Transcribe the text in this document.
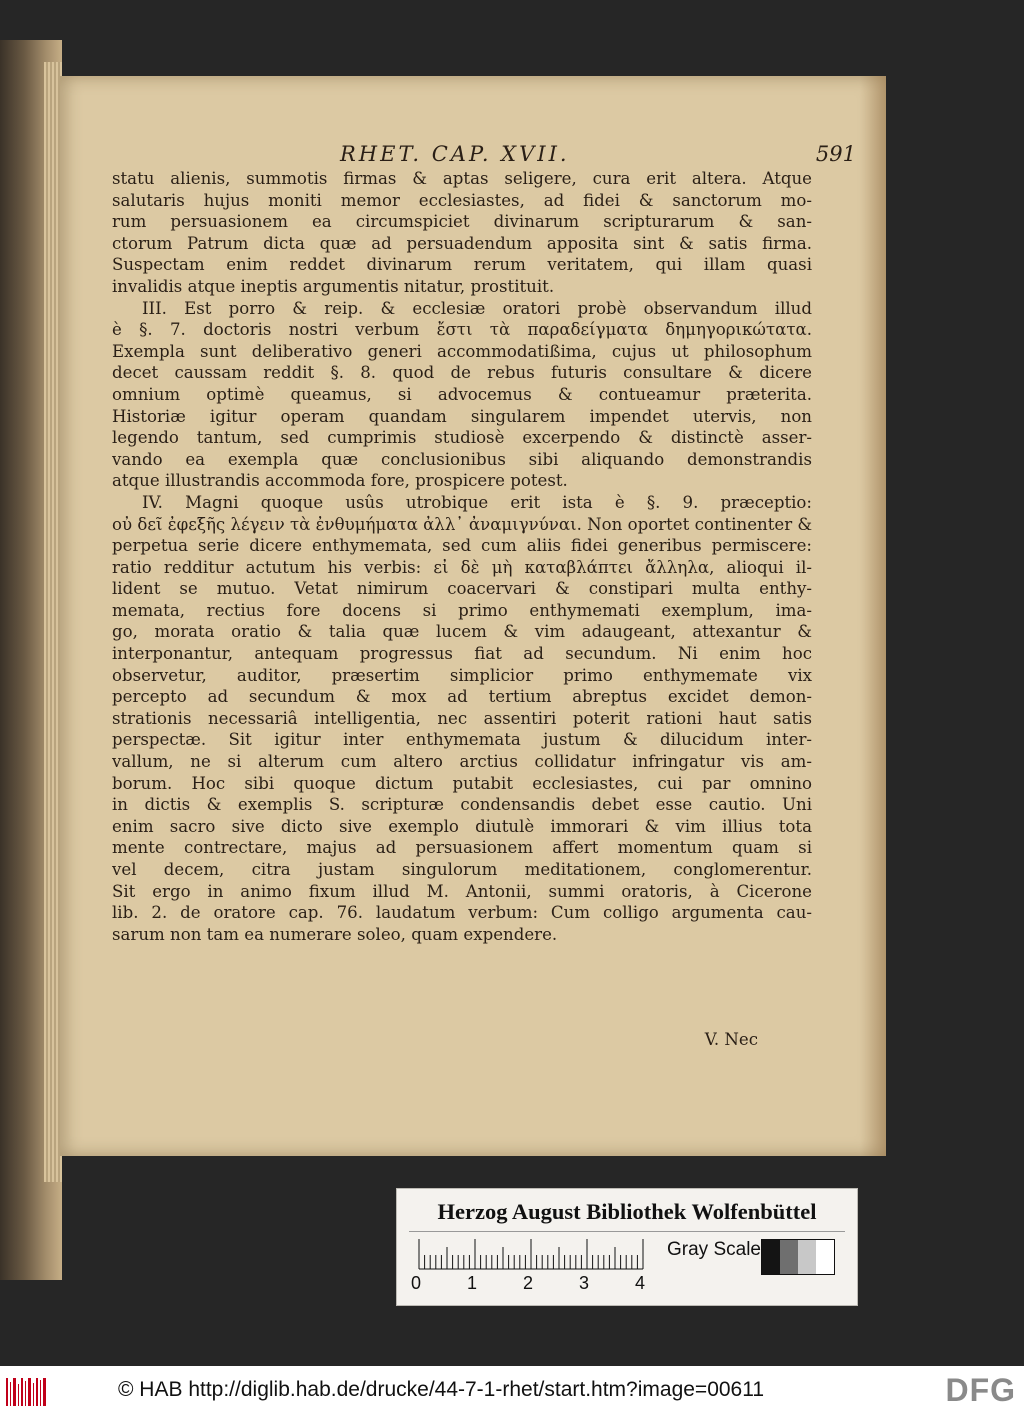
RHET. CAP. XVII.	591
statu alienis, summotis firmas & aptas seligere, cura erit altera. Atque
salutaris hujus moniti memor ecclesiastes, ad fidei & sanctorum mo-
rum persuasionem ea circumspiciet divinarum scripturarum & san-
ctorum Patrum dicta quæ ad persuadendum apposita sint & satis firma.
Suspectam enim reddet divinarum rerum veritatem, qui illam quasi
invalidis atque ineptis argumentis nitatur, prostituit.
III. Est porro & reip. & ecclesiæ oratori probè observandum illud
è §. 7. doctoris nostri verbum ἔστι τὰ παραδείγματα δημηγορικώτατα.
Exempla sunt deliberativo generi accommodatißima, cujus ut philosophum
decet caussam reddit §. 8. quod de rebus futuris consultare & dicere
omnium optimè queamus, si advocemus & contueamur præterita.
Historiæ igitur operam quandam singularem impendet utervis, non
legendo tantum, sed cumprimis studiosè excerpendo & distinctè asser-
vando ea exempla quæ conclusionibus sibi aliquando demonstrandis
atque illustrandis accommoda fore, prospicere potest.
IV. Magni quoque usûs utrobique erit ista è §. 9. præceptio:
οὐ δεῖ ἐφεξῆς λέγειν τὰ ἐνθυμήματα ἀλλ᾽ ἀναμιγνύναι. Non oportet continenter &
perpetua serie dicere enthymemata, sed cum aliis fidei generibus permiscere:
ratio redditur actutum his verbis: εἰ δὲ μὴ καταβλάπτει ἄλληλα, alioqui il-
lident se mutuo. Vetat nimirum coacervari & constipari multa enthy-
memata, rectius fore docens si primo enthymemati exemplum, ima-
go, morata oratio & talia quæ lucem & vim adaugeant, attexantur &
interponantur, antequam progressus fiat ad secundum. Ni enim hoc
observetur, auditor, præsertim simplicior primo enthymemate vix
percepto ad secundum & mox ad tertium abreptus excidet demon-
strationis necessariâ intelligentia, nec assentiri poterit rationi haut satis
perspectæ. Sit igitur inter enthymemata justum & dilucidum inter-
vallum, ne si alterum cum altero arctius collidatur infringatur vis am-
borum. Hoc sibi quoque dictum putabit ecclesiastes, cui par omnino
in dictis & exemplis S. scripturæ condensandis debet esse cautio. Uni
enim sacro sive dicto sive exemplo diutulè immorari & vim illius tota
mente contrectare, majus ad persuasionem affert momentum quam si
vel decem, citra justam singulorum meditationem, conglomerentur.
Sit ergo in animo fixum illud M. Antonii, summi oratoris, à Cicerone
lib. 2. de oratore cap. 76. laudatum verbum: Cum colligo argumenta cau-
sarum non tam ea numerare soleo, quam expendere.
V. Nec
Herzog August Bibliothek Wolfenbüttel
0	1	2	3	4
Gray Scale
© HAB http://diglib.hab.de/drucke/44-7-1-rhet/start.htm?image=00611	DFG
